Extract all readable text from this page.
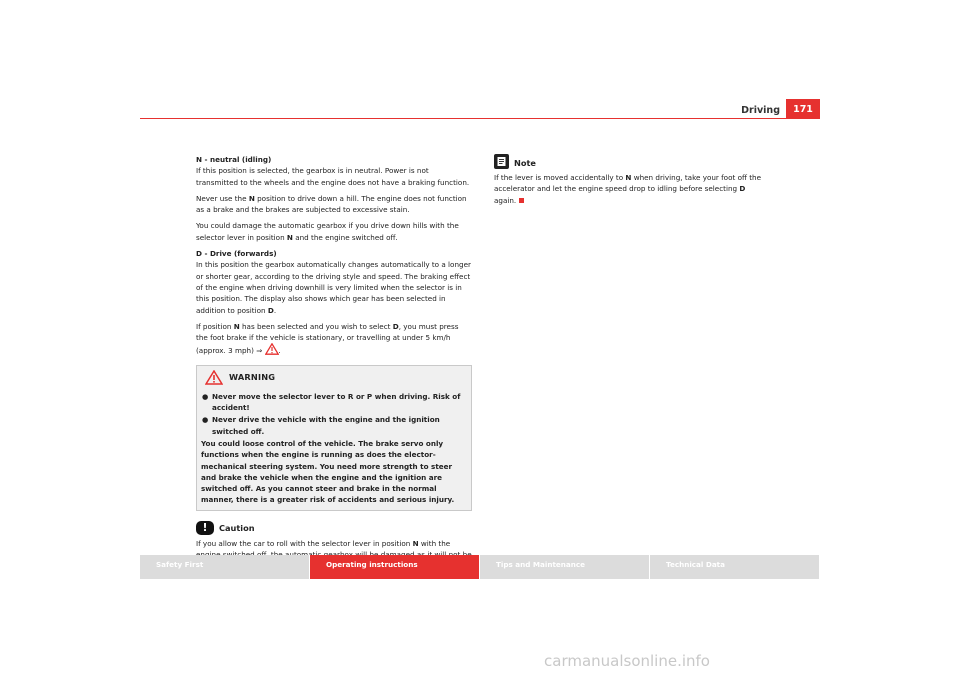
Driving	171

N - neutral (idling)

If this position is selected, the gearbox is in neutral. Power is not transmitted to the wheels and the engine does not have a braking function.

Never use the N position to drive down a hill. The engine does not function as a brake and the brakes are subjected to excessive stain.

You could damage the automatic gearbox if you drive down hills with the selector lever in position N and the engine switched off.

D - Drive (forwards)

In this position the gearbox automatically changes automatically to a longer or shorter gear, according to the driving style and speed. The braking effect of the engine when driving downhill is very limited when the selector is in this position. The display also shows which gear has been selected in addition to position D.

If position N has been selected and you wish to select D, you must press the foot brake if the vehicle is stationary, or travelling at under 5 km/h (approx. 3 mph) ⇒ .

WARNING
● Never move the selector lever to R or P when driving. Risk of accident!
● Never drive the vehicle with the engine and the ignition switched off.
You could loose control of the vehicle. The brake servo only functions when the engine is running as does the elector-mechanical steering system. You need more strength to steer and brake the vehicle when the engine and the ignition are switched off. As you cannot steer and brake in the normal manner, there is a greater risk of accidents and serious injury.
!	Caution

If you allow the car to roll with the selector lever in position N with the

Note

If the lever is moved accidentally to N when driving, take your foot off the accelerator and let the engine speed drop to idling before selecting D again.

Safety First	Operating instructions	Tips and Maintenance	Technical Data
carmanualsonline.info
